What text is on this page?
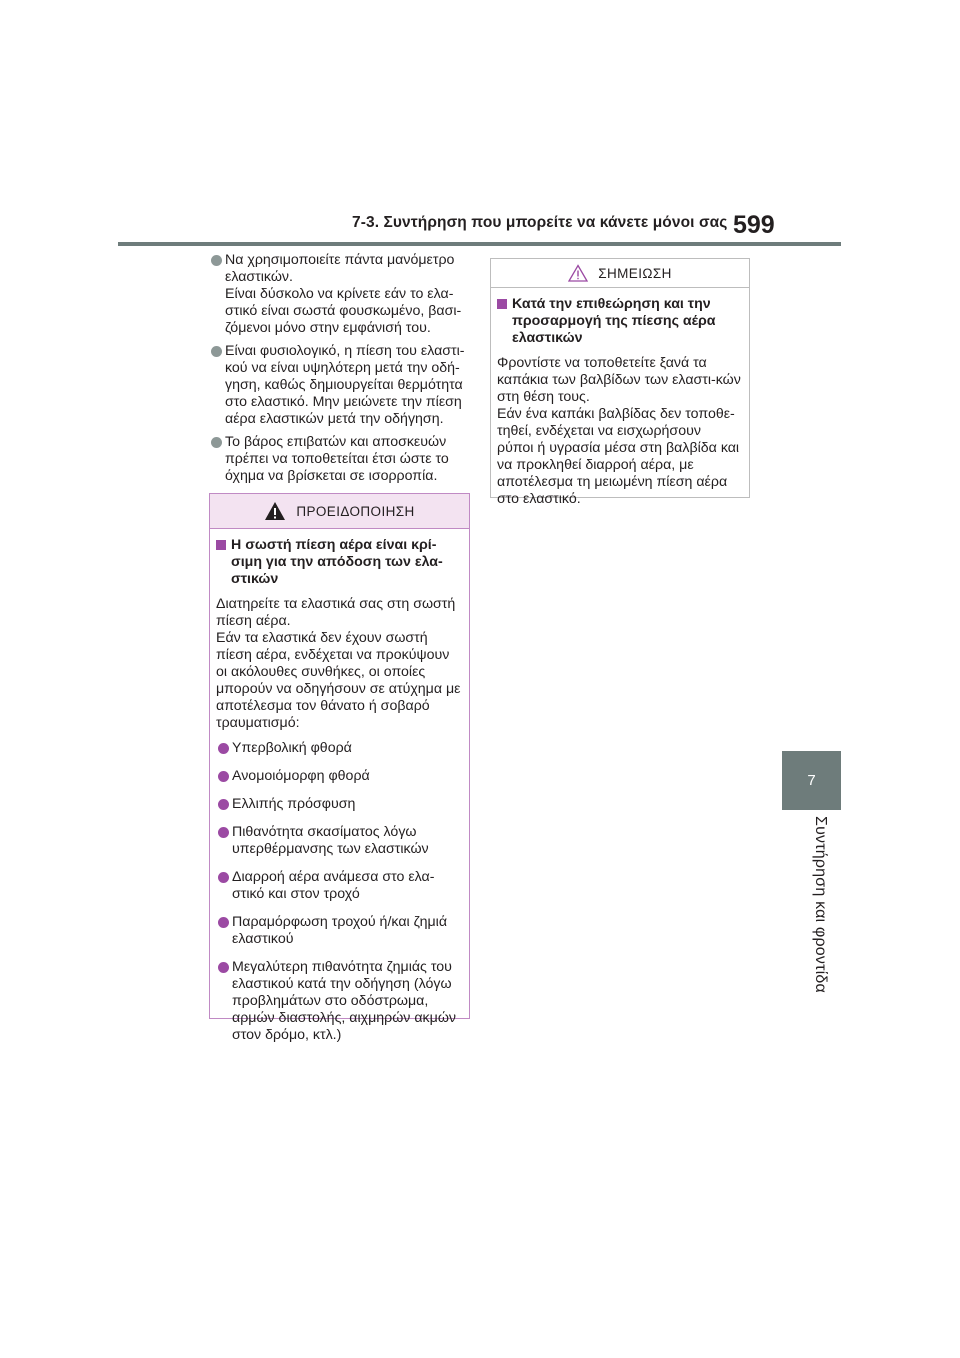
7-3. Συντήρηση που μπορείτε να κάνετε μόνοι σας 599
7
Συντήρηση και φροντίδα
Να χρησιμοποιείτε πάντα μανόμετρο ελαστικών.
Είναι δύσκολο να κρίνετε εάν το ελα-στικό είναι σωστά φουσκωμένο, βασι-ζόμενοι μόνο στην εμφάνισή του.
Είναι φυσιολογικό, η πίεση του ελαστι-κού να είναι υψηλότερη μετά την οδή-γηση, καθώς δημιουργείται θερμότητα στο ελαστικό. Μην μειώνετε την πίεση αέρα ελαστικών μετά την οδήγηση.
Το βάρος επιβατών και αποσκευών πρέπει να τοποθετείται έτσι ώστε το όχημα να βρίσκεται σε ισορροπία.
ΠΡΟΕΙΔΟΠΟΙΗΣΗ
Η σωστή πίεση αέρα είναι κρί-σιμη για την απόδοση των ελα-στικών
Διατηρείτε τα ελαστικά σας στη σωστή πίεση αέρα.
Εάν τα ελαστικά δεν έχουν σωστή πίεση αέρα, ενδέχεται να προκύψουν οι ακόλουθες συνθήκες, οι οποίες μπορούν να οδηγήσουν σε ατύχημα με αποτέλεσμα τον θάνατο ή σοβαρό τραυματισμό:
Υπερβολική φθορά
Ανομοιόμορφη φθορά
Ελλιπής πρόσφυση
Πιθανότητα σκασίματος λόγω υπερθέρμανσης των ελαστικών
Διαρροή αέρα ανάμεσα στο ελα-στικό και στον τροχό
Παραμόρφωση τροχού ή/και ζημιά ελαστικού
Μεγαλύτερη πιθανότητα ζημιάς του ελαστικού κατά την οδήγηση (λόγω προβλημάτων στο οδόστρωμα, αρμών διαστολής, αιχμηρών ακμών στον δρόμο, κτλ.)
ΣΗΜΕΙΩΣΗ
Κατά την επιθεώρηση και την προσαρμογή της πίεσης αέρα ελαστικών
Φροντίστε να τοποθετείτε ξανά τα καπάκια των βαλβίδων των ελαστι-κών στη θέση τους.
Εάν ένα καπάκι βαλβίδας δεν τοποθε-τηθεί, ενδέχεται να εισχωρήσουν ρύποι ή υγρασία μέσα στη βαλβίδα και να προκληθεί διαρροή αέρα, με αποτέλεσμα τη μειωμένη πίεση αέρα στο ελαστικό.
